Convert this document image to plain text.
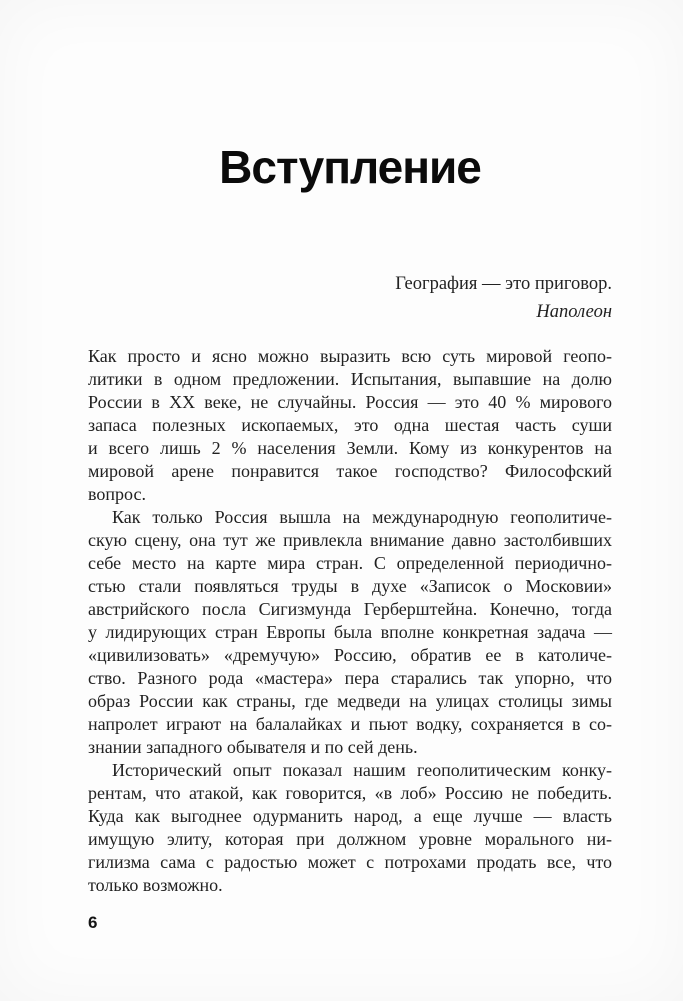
Вступление
География — это приговор.
Наполеон
Как просто и ясно можно выразить всю суть мировой геопо-
литики в одном предложении. Испытания, выпавшие на долю
России в XX веке, не случайны. Россия — это 40 % мирового
запаса полезных ископаемых, это одна шестая часть суши
и всего лишь 2 % населения Земли. Кому из конкурентов на
мировой арене понравится такое господство? Философский
вопрос.
Как только Россия вышла на международную геополитиче-
скую сцену, она тут же привлекла внимание давно застолбивших
себе место на карте мира стран. С определенной периодично-
стью стали появляться труды в духе «Записок о Московии»
австрийского посла Сигизмунда Герберштейна. Конечно, тогда
у лидирующих стран Европы была вполне конкретная задача —
«цивилизовать» «дремучую» Россию, обратив ее в католиче-
ство. Разного рода «мастера» пера старались так упорно, что
образ России как страны, где медведи на улицах столицы зимы
напролет играют на балалайках и пьют водку, сохраняется в со-
знании западного обывателя и по сей день.
Исторический опыт показал нашим геополитическим конку-
рентам, что атакой, как говорится, «в лоб» Россию не победить.
Куда как выгоднее одурманить народ, а еще лучше — власть
имущую элиту, которая при должном уровне морального ни-
гилизма сама с радостью может с потрохами продать все, что
только возможно.
6
